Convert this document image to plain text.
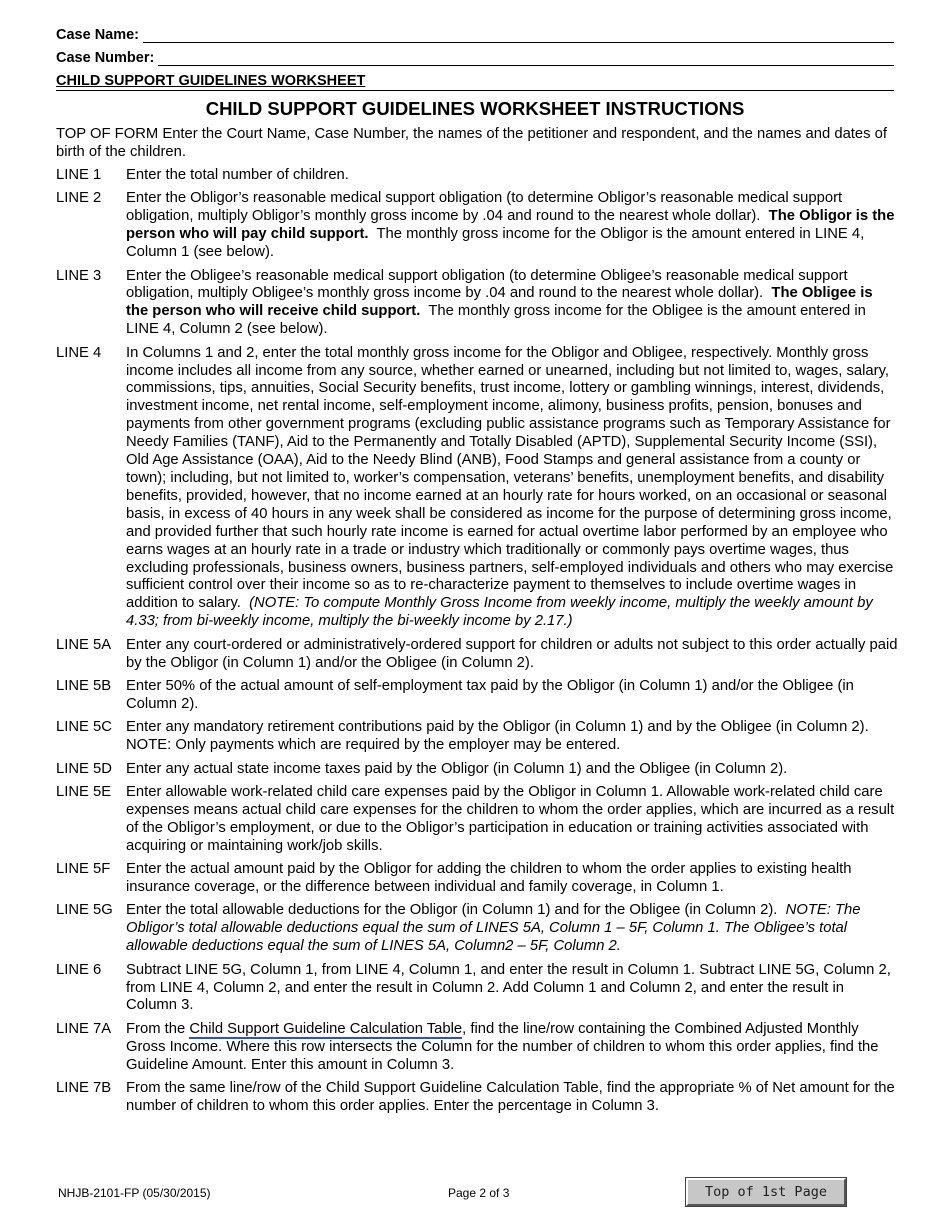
Case Name:
Case Number:
CHILD SUPPORT GUIDELINES WORKSHEET
CHILD SUPPORT GUIDELINES WORKSHEET INSTRUCTIONS

TOP OF FORM Enter the Court Name, Case Number, the names of the petitioner and respondent, and the names and dates of birth of the children.

LINE 1	Enter the total number of children.
LINE 2	Enter the Obligor’s reasonable medical support obligation (to determine Obligor’s reasonable medical support obligation, multiply Obligor’s monthly gross income by .04 and round to the nearest whole dollar). The Obligor is the person who will pay child support. The monthly gross income for the Obligor is the amount entered in LINE 4, Column 1 (see below).
LINE 3	Enter the Obligee’s reasonable medical support obligation (to determine Obligee’s reasonable medical support obligation, multiply Obligee’s monthly gross income by .04 and round to the nearest whole dollar). The Obligee is the person who will receive child support. The monthly gross income for the Obligee is the amount entered in LINE 4, Column 2 (see below).
LINE 4	In Columns 1 and 2, enter the total monthly gross income for the Obligor and Obligee, respectively. Monthly gross income includes all income from any source, whether earned or unearned, including but not limited to, wages, salary, commissions, tips, annuities, Social Security benefits, trust income, lottery or gambling winnings, interest, dividends, investment income, net rental income, self-employment income, alimony, business profits, pension, bonuses and payments from other government programs (excluding public assistance programs such as Temporary Assistance for Needy Families (TANF), Aid to the Permanently and Totally Disabled (APTD), Supplemental Security Income (SSI), Old Age Assistance (OAA), Aid to the Needy Blind (ANB), Food Stamps and general assistance from a county or town); including, but not limited to, worker’s compensation, veterans’ benefits, unemployment benefits, and disability benefits, provided, however, that no income earned at an hourly rate for hours worked, on an occasional or seasonal basis, in excess of 40 hours in any week shall be considered as income for the purpose of determining gross income, and provided further that such hourly rate income is earned for actual overtime labor performed by an employee who earns wages at an hourly rate in a trade or industry which traditionally or commonly pays overtime wages, thus excluding professionals, business owners, business partners, self-employed individuals and others who may exercise sufficient control over their income so as to re-characterize payment to themselves to include overtime wages in addition to salary. (NOTE: To compute Monthly Gross Income from weekly income, multiply the weekly amount by 4.33; from bi-weekly income, multiply the bi-weekly income by 2.17.)
LINE 5A	Enter any court-ordered or administratively-ordered support for children or adults not subject to this order actually paid by the Obligor (in Column 1) and/or the Obligee (in Column 2).
LINE 5B	Enter 50% of the actual amount of self-employment tax paid by the Obligor (in Column 1) and/or the Obligee (in Column 2).
LINE 5C Enter any mandatory retirement contributions paid by the Obligor (in Column 1) and by the Obligee (in Column 2). NOTE: Only payments which are required by the employer may be entered.
LINE 5D Enter any actual state income taxes paid by the Obligor (in Column 1) and the Obligee (in Column 2).
LINE 5E	Enter allowable work-related child care expenses paid by the Obligor in Column 1. Allowable work-related child care expenses means actual child care expenses for the children to whom the order applies, which are incurred as a result of the Obligor’s employment, or due to the Obligor’s participation in education or training activities associated with acquiring or maintaining work/job skills.
LINE 5F	Enter the actual amount paid by the Obligor for adding the children to whom the order applies to existing health insurance coverage, or the difference between individual and family coverage, in Column 1.
LINE 5G Enter the total allowable deductions for the Obligor (in Column 1) and for the Obligee (in Column 2). NOTE: The Obligor’s total allowable deductions equal the sum of LINES 5A, Column 1 – 5F, Column 1. The Obligee’s total allowable deductions equal the sum of LINES 5A, Column2 – 5F, Column 2.
LINE 6	Subtract LINE 5G, Column 1, from LINE 4, Column 1, and enter the result in Column 1. Subtract LINE 5G, Column 2, from LINE 4, Column 2, and enter the result in Column 2. Add Column 1 and Column 2, and enter the result in Column 3.
LINE 7A	From the Child Support Guideline Calculation Table, find the line/row containing the Combined Adjusted Monthly Gross Income. Where this row intersects the Column for the number of children to whom this order applies, find the Guideline Amount. Enter this amount in Column 3.
LINE 7B	From the same line/row of the Child Support Guideline Calculation Table, find the appropriate % of Net amount for the number of children to whom this order applies. Enter the percentage in Column 3.
NHJB-2101-FP (05/30/2015)	Page 2 of 3	Top of 1st Page
